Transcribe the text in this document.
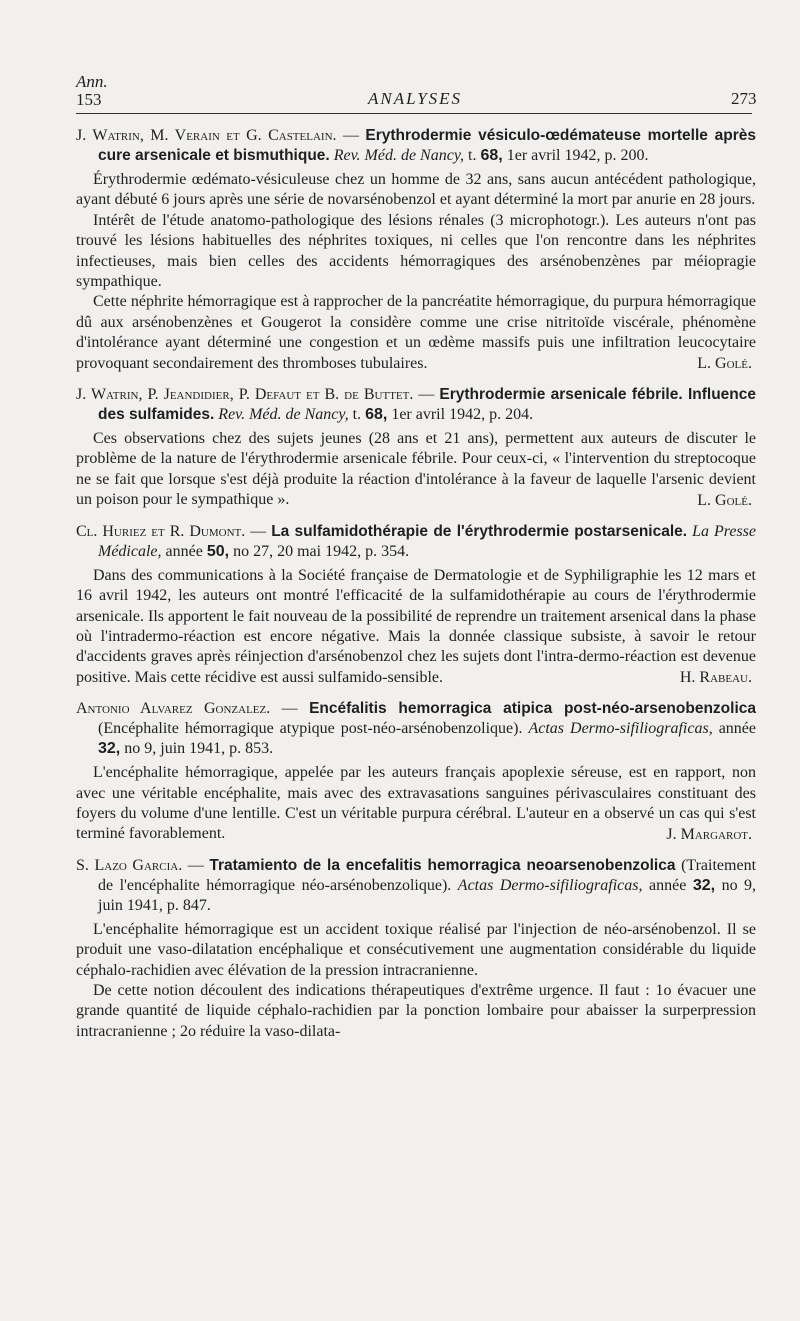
Ann.
153	ANALYSES	273

J. Watrin, M. Verain et G. Castelain. — Erythrodermie vésiculo-œdémateuse mortelle après cure arsenicale et bismuthique. Rev. Méd. de Nancy, t. 68, 1er avril 1942, p. 200.

Érythrodermie œdémato-vésiculeuse chez un homme de 32 ans, sans aucun antécédent pathologique, ayant débuté 6 jours après une série de novarsénobenzol et ayant déterminé la mort par anurie en 28 jours.

Intérêt de l'étude anatomo-pathologique des lésions rénales (3 microphotogr.). Les auteurs n'ont pas trouvé les lésions habituelles des néphrites toxiques, ni celles que l'on rencontre dans les néphrites infectieuses, mais bien celles des accidents hémorragiques des arsénobenzènes par méiopragie sympathique.

Cette néphrite hémorragique est à rapprocher de la pancréatite hémorragique, du purpura hémorragique dû aux arsénobenzènes et Gougerot la considère comme une crise nitritoïde viscérale, phénomène d'intolérance ayant déterminé une congestion et un œdème massifs puis une infiltration leucocytaire provoquant secondairement des thromboses tubulaires.	L. Golé.

J. Watrin, P. Jeandidier, P. Defaut et B. de Buttet. — Erythrodermie arsenicale fébrile. Influence des sulfamides. Rev. Méd. de Nancy, t. 68, 1er avril 1942, p. 204.

Ces observations chez des sujets jeunes (28 ans et 21 ans), permettent aux auteurs de discuter le problème de la nature de l'érythrodermie arsenicale fébrile. Pour ceux-ci, « l'intervention du streptocoque ne se fait que lorsque s'est déjà produite la réaction d'intolérance à la faveur de laquelle l'arsenic devient un poison pour le sympathique ».	L. Golé.

Cl. Huriez et R. Dumont. — La sulfamidothérapie de l'érythrodermie postarsenicale. La Presse Médicale, année 50, no 27, 20 mai 1942, p. 354.

Dans des communications à la Société française de Dermatologie et de Syphiligraphie les 12 mars et 16 avril 1942, les auteurs ont montré l'efficacité de la sulfamidothérapie au cours de l'érythrodermie arsenicale. Ils apportent le fait nouveau de la possibilité de reprendre un traitement arsenical dans la phase où l'intradermo-réaction est encore négative. Mais la donnée classique subsiste, à savoir le retour d'accidents graves après réinjection d'arsénobenzol chez les sujets dont l'intra-dermo-réaction est devenue positive. Mais cette récidive est aussi sulfamido-sensible.	H. Rabeau.

Antonio Alvarez Gonzalez. — Encéfalitis hemorragica atipica post-néo-arsenobenzolica (Encéphalite hémorragique atypique post-néo-arsénobenzolique). Actas Dermo-sifiliograficas, année 32, no 9, juin 1941, p. 853.

L'encéphalite hémorragique, appelée par les auteurs français apoplexie séreuse, est en rapport, non avec une véritable encéphalite, mais avec des extravasations sanguines périvasculaires constituant des foyers du volume d'une lentille. C'est un véritable purpura cérébral. L'auteur en a observé un cas qui s'est terminé favorablement.	J. Margarot.

S. Lazo Garcia. — Tratamiento de la encefalitis hemorragica neoarsenobenzolica (Traitement de l'encéphalite hémorragique néo-arsénobenzolique). Actas Dermo-sifiliograficas, année 32, no 9, juin 1941, p. 847.

L'encéphalite hémorragique est un accident toxique réalisé par l'injection de néo-arsénobenzol. Il se produit une vaso-dilatation encéphalique et consécutivement une augmentation considérable du liquide céphalo-rachidien avec élévation de la pression intracranienne.

De cette notion découlent des indications thérapeutiques d'extrême urgence. Il faut : 1o évacuer une grande quantité de liquide céphalo-rachidien par la ponction lombaire pour abaisser la surperpression intracranienne ; 2o réduire la vaso-dilata-
